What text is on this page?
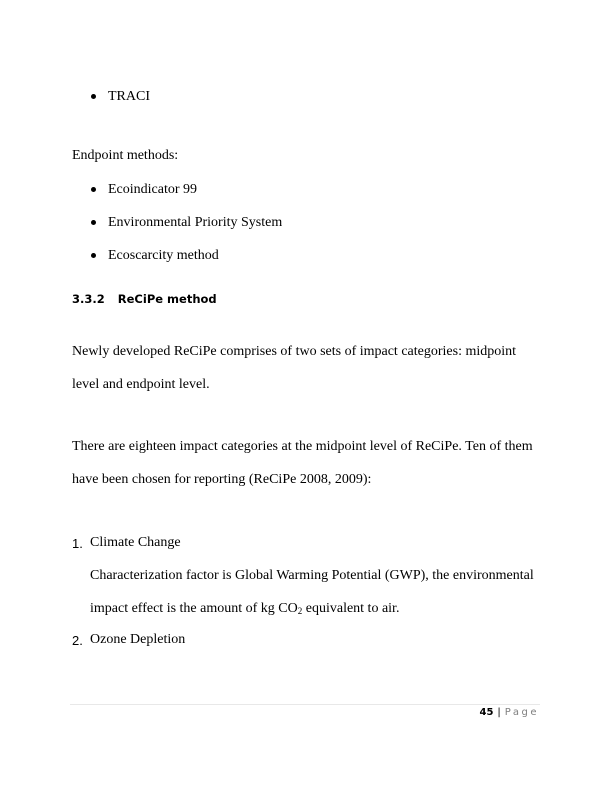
TRACI
Endpoint methods:
Ecoindicator 99
Environmental Priority System
Ecoscarcity method
3.3.2 ReCiPe method
Newly developed ReCiPe comprises of two sets of impact categories: midpoint
level and endpoint level.
There are eighteen impact categories at the midpoint level of ReCiPe. Ten of them
have been chosen for reporting (ReCiPe 2008, 2009):
1. Climate Change
Characterization factor is Global Warming Potential (GWP), the environmental
impact effect is the amount of kg $CO_2$ equivalent to air.
2. Ozone Depletion
45 | Page
